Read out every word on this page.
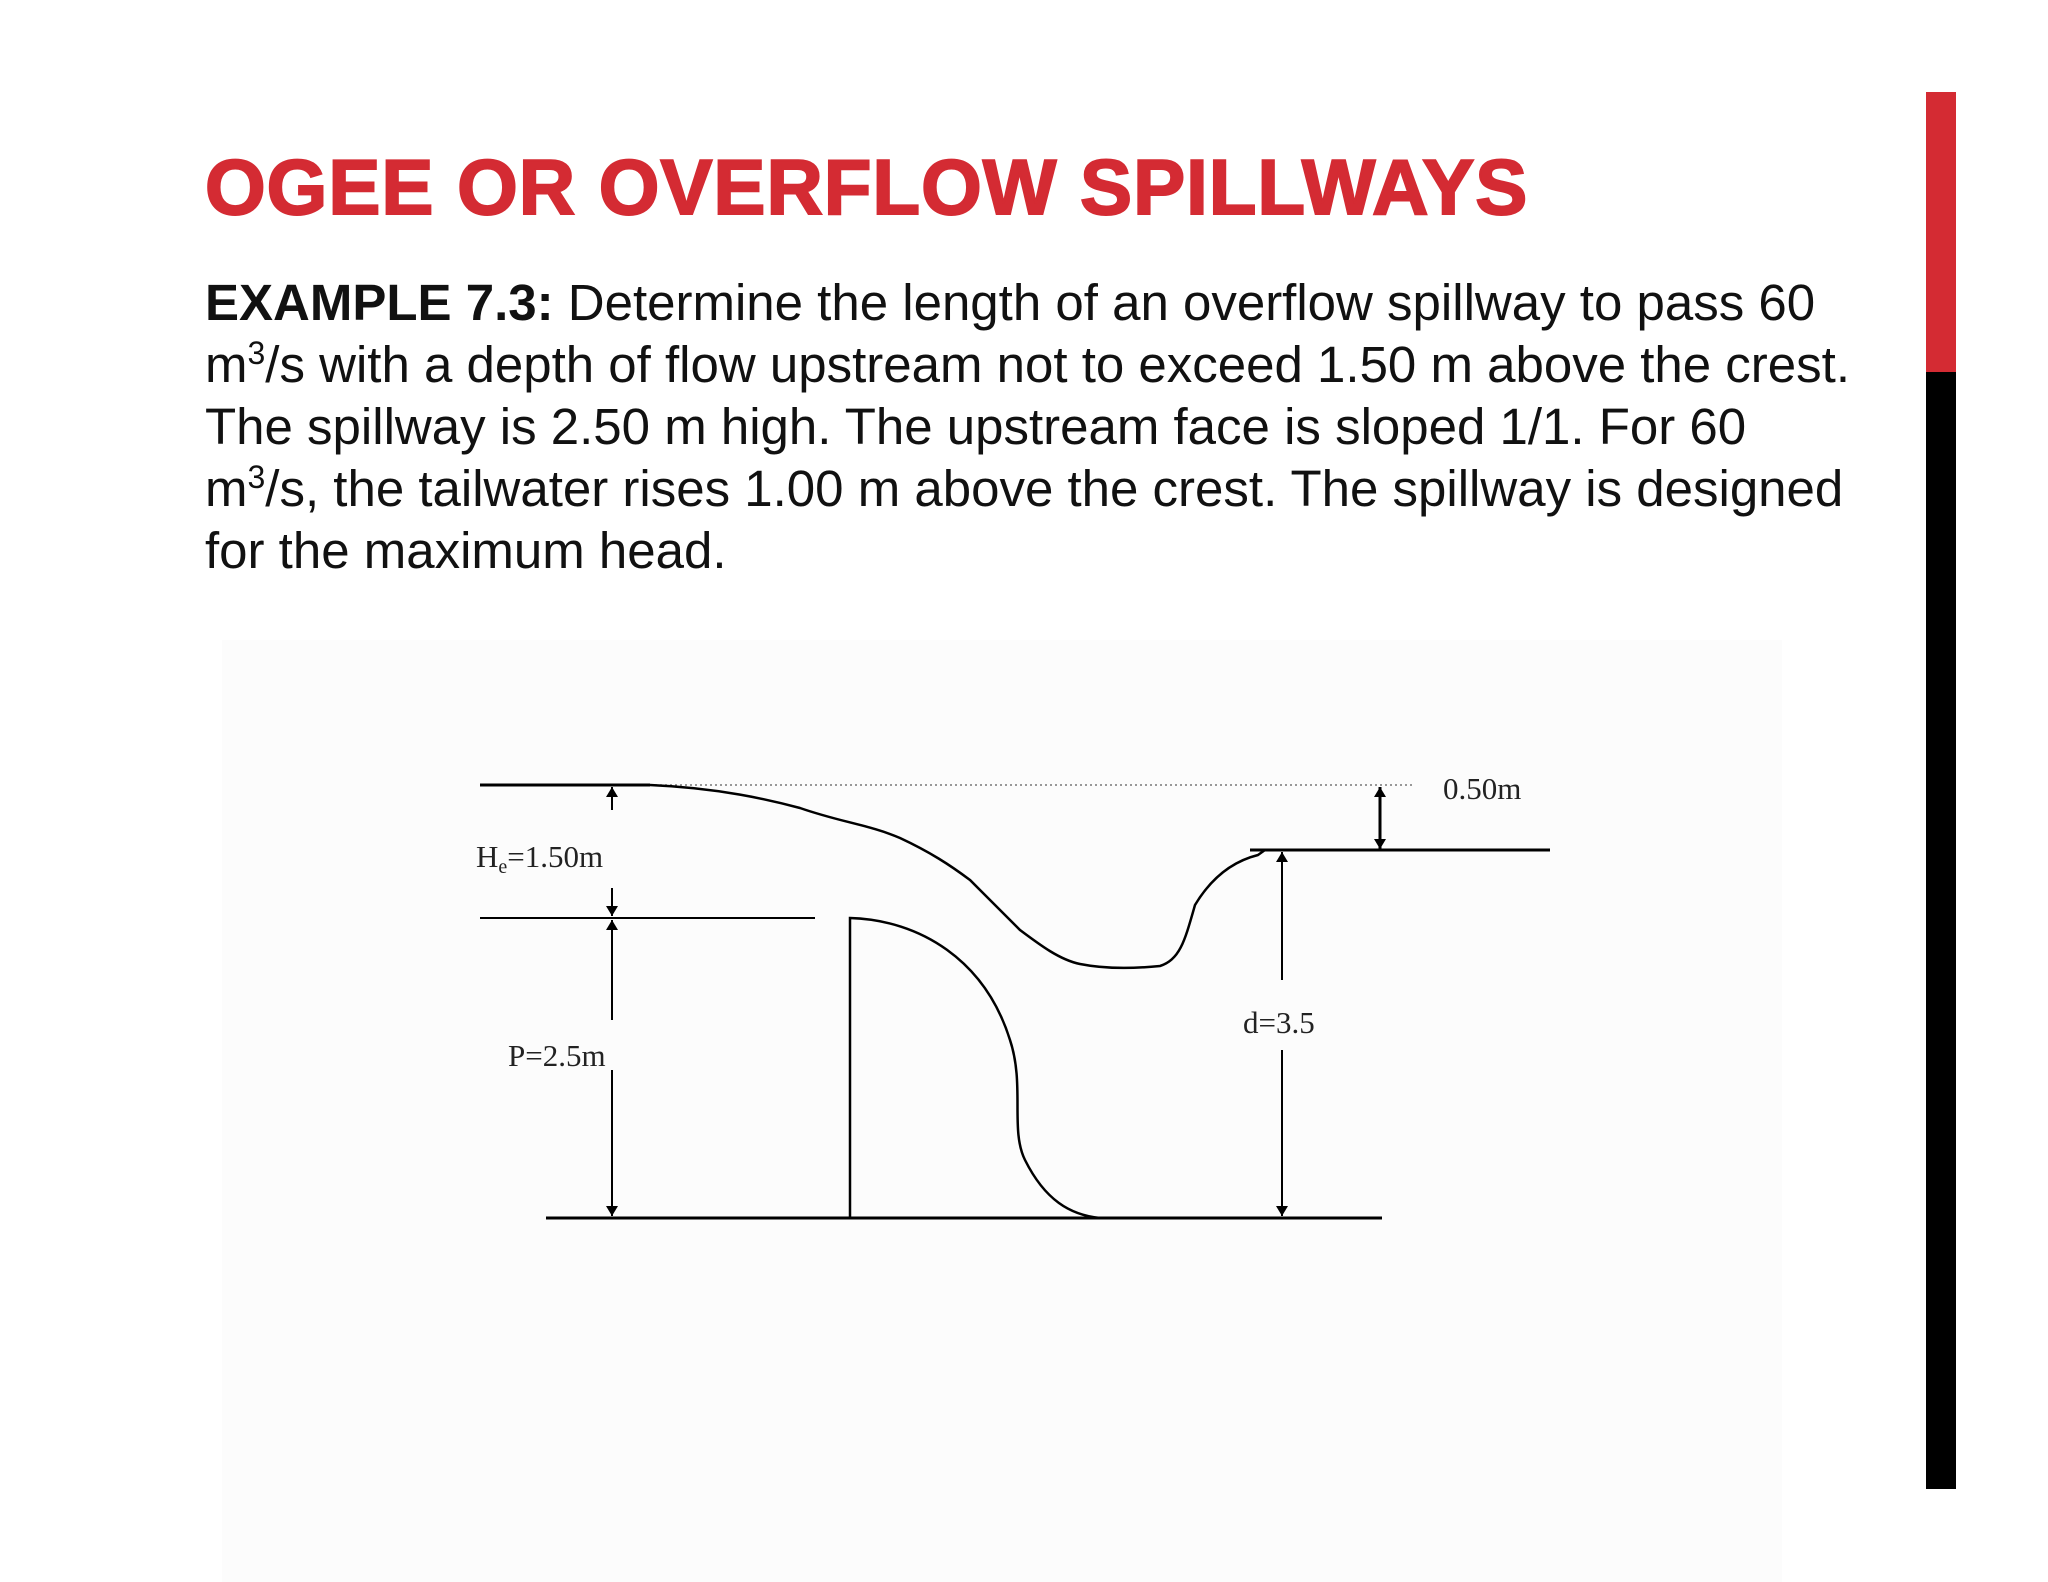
OGEE OR OVERFLOW SPILLWAYS

EXAMPLE 7.3: Determine the length of an overflow spillway to pass 60 $m^3/s$ with a depth of flow upstream not to exceed 1.50 m above the crest. The spillway is 2.50 m high. The upstream face is sloped 1/1. For 60 $m^3/s$, the tailwater rises 1.00 m above the crest. The spillway is designed for the maximum head.

He=1.50m
P=2.5m
d=3.5
0.50m
